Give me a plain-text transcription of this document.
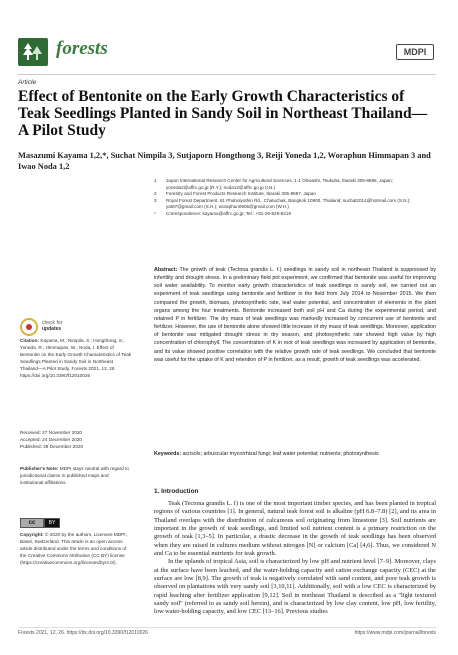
forests	MDPI
Article
Effect of Bentonite on the Early Growth Characteristics of Teak Seedlings Planted in Sandy Soil in Northeast Thailand—A Pilot Study
Masazumi Kayama 1,2,*, Suchat Nimpila 3, Sutjaporn Hongthong 3, Reiji Yoneda 1,2, Woraphun Himmapan 3 and Iwao Noda 1,2
1	Japan International Research Center for Agricultural Sciences, 1-1 Ohwashi, Tsukuba, Ibaraki 305-8686, Japan; yoneda2@affrc.go.jp (R.Y.); noda12@affrc.go.jp (I.N.)
2	Forestry and Forest Products Research Institute, Ibaraki 305-8687, Japan
3	Royal Forest Department, 61 Phaholyothin Rd., Chatuchak, Bangkok 10900, Thailand; suchat2014@hotmail.com (S.N.); yat87@gmail.com (S.H.); woraphun0905@gmail.com (W.H.)
*	Correspondence: kayama@affrc.go.jp; Tel.: +81-29-829-8219
Abstract: The growth of teak (Tectona grandis L. f.) seedlings in sandy soil in northeast Thailand is suppressed by infertility and drought stress. In a preliminary field pot experiment, we confirmed that bentonite was useful for improving soil water availability. To monitor early growth characteristics of teak seedlings in sandy soil, we carried out an experiment of teak seedlings using bentonite and fertilizer in the field from July 2014 to November 2015. We then compared the growth, biomass, photosynthetic rate, leaf water potential, and concentration of elements in the plant organs among the four treatments. Bentonite increased both soil pH and Ca during the experimental period, and retained P in fertilizer. The dry mass of teak seedlings was markedly increased by concurrent use of bentonite and fertilizer. However, the use of bentonite alone showed little increase of dry mass of teak seedlings. Moreover, application of bentonite was mitigated drought stress in dry season, and photosynthetic rate showed high value by high concentration of chlorophyll. The concentration of K in root of teak seedlings was increased by application of bentonite, and its value showed positive correlation with the relative growth rate of teak seedlings. We concluded that bentonite was useful for the uptake of K and retention of P in fertilizer, as a result, growth of teak seedlings was accelerated.
Keywords: acrisols; arbuscular mycorrhizal fungi; leaf water potential; nutrients; photosynthesis
check for
updates
Citation: Kayama, M.; Nimpila, S.; Hongthong, S.; Yoneda, R.; Himmapan, W.; Noda, I. Effect of Bentonite on the Early Growth Characteristics of Teak Seedlings Planted in Sandy Soil in Northeast Thailand—A Pilot Study. Forests 2021, 12, 26. https://doi.org/10.3390/f12010026
Received: 27 November 2020
Accepted: 24 December 2020
Published: 28 December 2020
Publisher's Note: MDPI stays neutral with regard to jurisdictional claims in published maps and institutional affiliations.
cc	BY
Copyright: © 2020 by the authors. Licensee MDPI, Basel, Switzerland. This article is an open access article distributed under the terms and conditions of the Creative Commons Attribution (CC BY) license (https://creativecommons.org/licenses/by/4.0/).
1. Introduction

Teak (Tectona grandis L. f) is one of the most important timber species, and has been planted in tropical regions of various countries [1]. In general, natural teak forest soil is alkaline (pH 6.8–7.8) [2], and its area in Thailand overlaps with the distribution of calcareous soil originating from limestone [3]. Soil nutrients are important in the growth of teak seedlings, and limited soil nutrient content is a primary restriction on the growth of teak [1,3–5]. In particular, a drastic decrease in the growth of teak seedlings has been observed when they are raised in cultures medium without nitrogen [N] or calcium [Ca] [4,6]. Thus, we considered N and Ca to be essential nutrients for teak growth.

In the uplands of tropical Asia, soil is characterized by low pH and nutrient level [7–9]. Moreover, clays at the surface have been leached, and the water-holding capacity and cation exchange capacity (CEC) at the surface are low [8,9]. The growth of teak is negatively correlated with sand content, and poor teak growth is observed on plantations with very sandy soil [3,10,11]. Additionally, soil with a low CEC is characterized by rapid leaching after fertilizer application [9,12]. Soil in northeast Thailand is described as a "light textured sandy soil" (referred to as sandy soil herein), and is characterized by low clay content, low pH, low fertility, low water-holding capacity, and low CEC [13–16]. Previous studies

Forests 2021, 12, 26. https://dx.doi.org/10.3390/f12010026	https://www.mdpi.com/journal/forests
